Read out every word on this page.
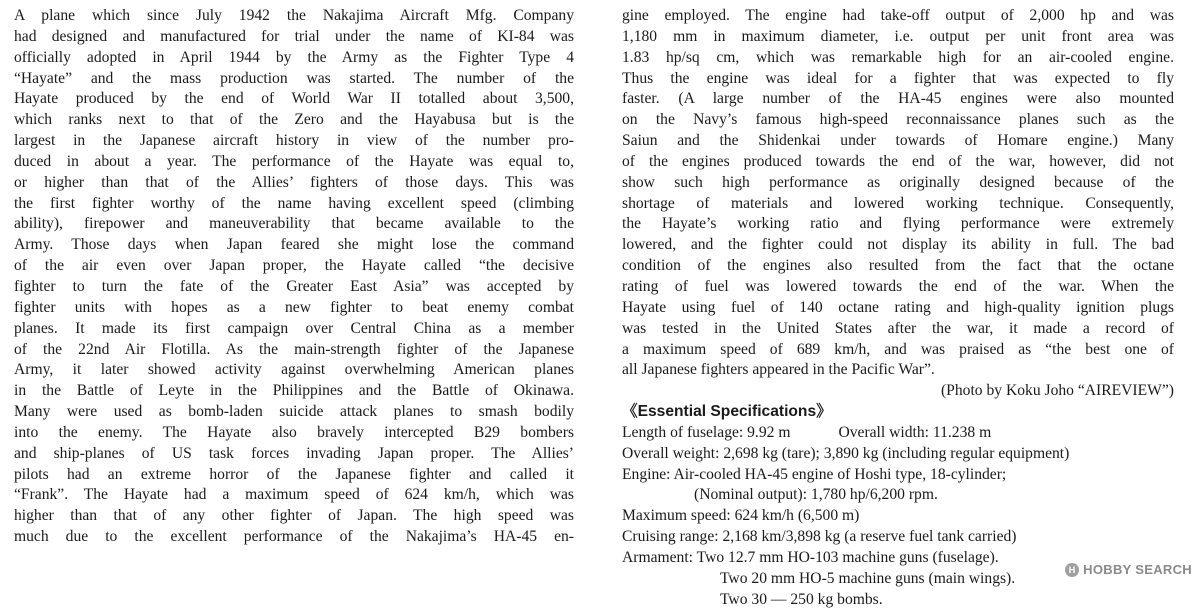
A plane which since July 1942 the Nakajima Aircraft Mfg. Company
had designed and manufactured for trial under the name of KI-84 was
officially adopted in April 1944 by the Army as the Fighter Type 4
“Hayate” and the mass production was started. The number of the
Hayate produced by the end of World War II totalled about 3,500,
which ranks next to that of the Zero and the Hayabusa but is the
largest in the Japanese aircraft history in view of the number pro-
duced in about a year. The performance of the Hayate was equal to,
or higher than that of the Allies’ fighters of those days. This was
the first fighter worthy of the name having excellent speed (climbing
ability), firepower and maneuverability that became available to the
Army. Those days when Japan feared she might lose the command
of the air even over Japan proper, the Hayate called “the decisive
fighter to turn the fate of the Greater East Asia” was accepted by
fighter units with hopes as a new fighter to beat enemy combat
planes. It made its first campaign over Central China as a member
of the 22nd Air Flotilla. As the main-strength fighter of the Japanese
Army, it later showed activity against overwhelming American planes
in the Battle of Leyte in the Philippines and the Battle of Okinawa.
Many were used as bomb-laden suicide attack planes to smash bodily
into the enemy. The Hayate also bravely intercepted B29 bombers
and ship-planes of US task forces invading Japan proper. The Allies’
pilots had an extreme horror of the Japanese fighter and called it
“Frank”. The Hayate had a maximum speed of 624 km/h, which was
higher than that of any other fighter of Japan. The high speed was
much due to the excellent performance of the Nakajima’s HA-45 en-
gine employed. The engine had take-off output of 2,000 hp and was
1,180 mm in maximum diameter, i.e. output per unit front area was
1.83 hp/sq cm, which was remarkable high for an air-cooled engine.
Thus the engine was ideal for a fighter that was expected to fly
faster. (A large number of the HA-45 engines were also mounted
on the Navy’s famous high-speed reconnaissance planes such as the
Saiun and the Shidenkai under towards of Homare engine.) Many
of the engines produced towards the end of the war, however, did not
show such high performance as originally designed because of the
shortage of materials and lowered working technique. Consequently,
the Hayate’s working ratio and flying performance were extremely
lowered, and the fighter could not display its ability in full. The bad
condition of the engines also resulted from the fact that the octane
rating of fuel was lowered towards the end of the war. When the
Hayate using fuel of 140 octane rating and high-quality ignition plugs
was tested in the United States after the war, it made a record of
a maximum speed of 689 km/h, and was praised as “the best one of
all Japanese fighters appeared in the Pacific War”.
(Photo by Koku Joho “AIREVIEW”)
《Essential Specifications》
Length of fuselage: 9.92 m	Overall width: 11.238 m
Overall weight: 2,698 kg (tare); 3,890 kg (including regular equipment)
Engine: Air-cooled HA-45 engine of Hoshi type, 18-cylinder;
(Nominal output): 1,780 hp/6,200 rpm.
Maximum speed: 624 km/h (6,500 m)
Cruising range: 2,168 km/3,898 kg (a reserve fuel tank carried)
Armament: Two 12.7 mm HO-103 machine guns (fuselage).
Two 20 mm HO-5 machine guns (main wings).
Two 30 — 250 kg bombs.
H HOBBY SEARCH
